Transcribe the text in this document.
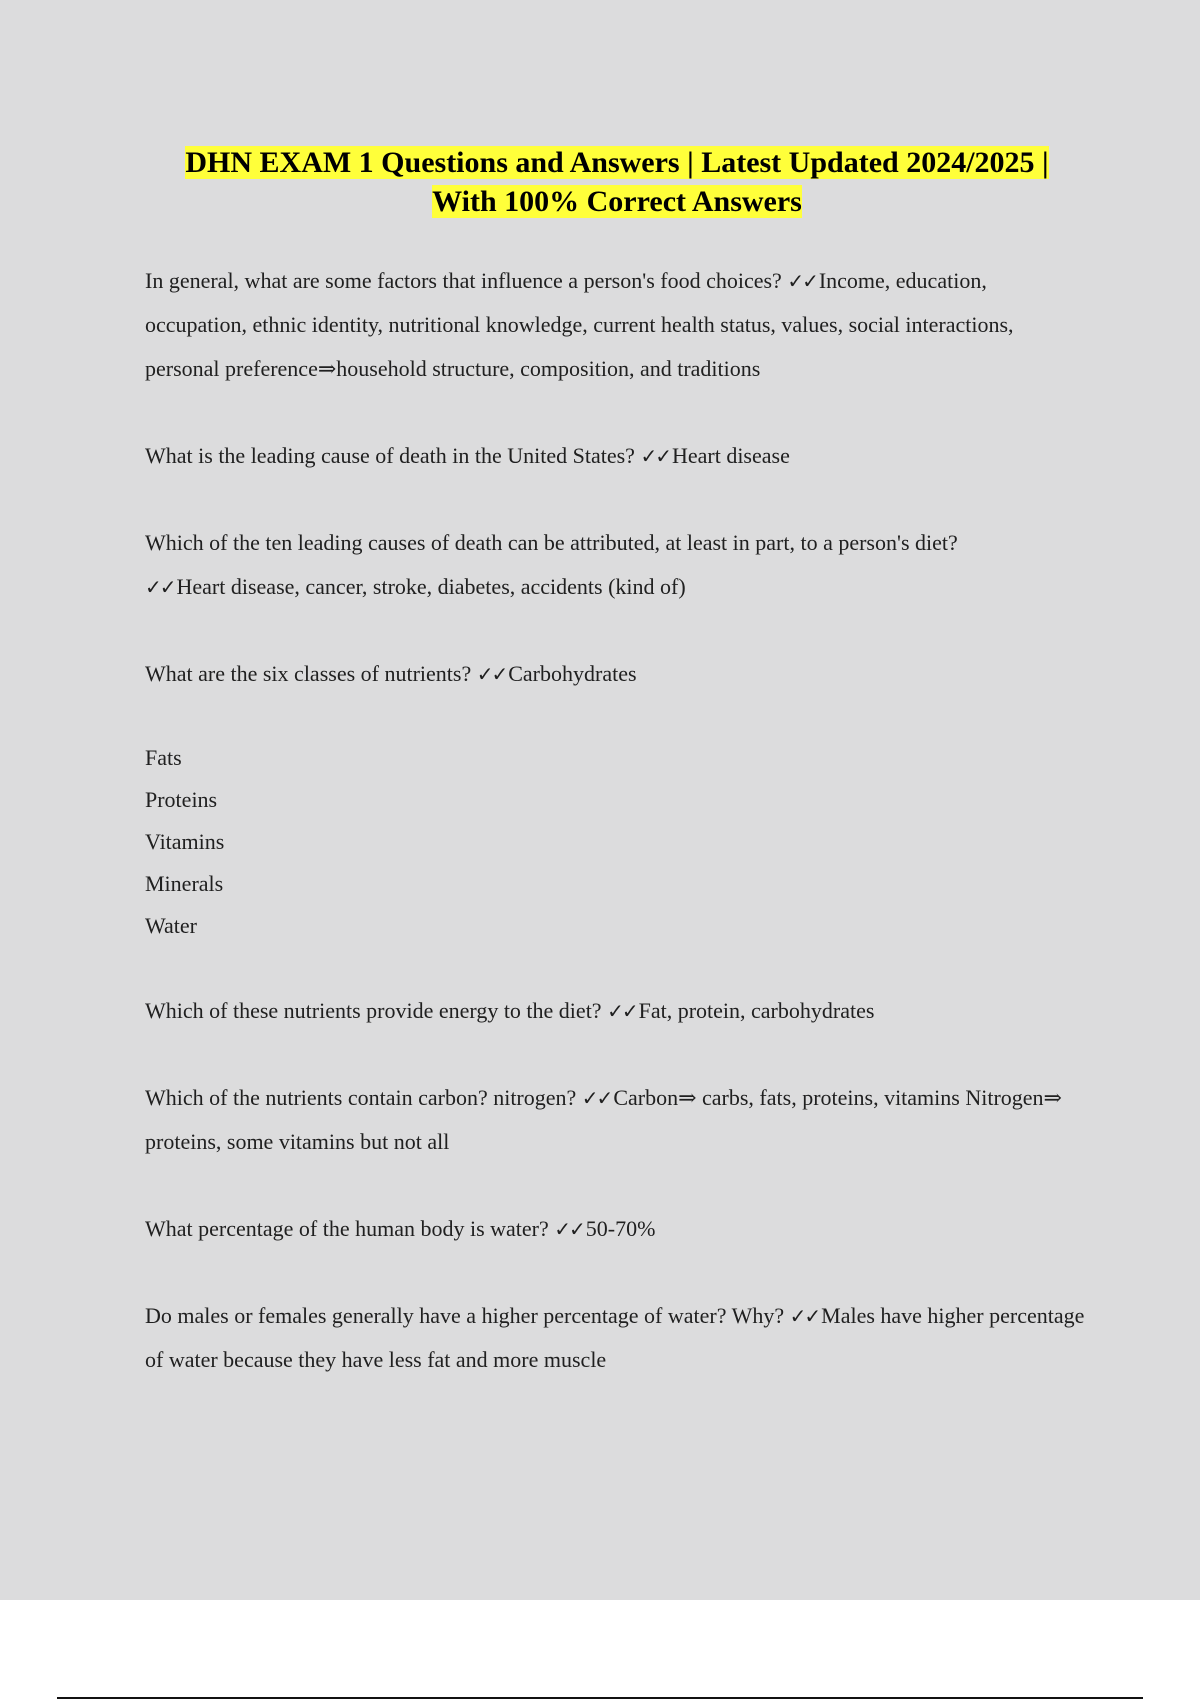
DHN EXAM 1 Questions and Answers | Latest Updated 2024/2025 |
With 100% Correct Answers
In general, what are some factors that influence a person's food choices? ✓✓Income, education, occupation, ethnic identity, nutritional knowledge, current health status, values, social interactions, personal preference⇒household structure, composition, and traditions
What is the leading cause of death in the United States? ✓✓Heart disease
Which of the ten leading causes of death can be attributed, at least in part, to a person's diet?
✓✓Heart disease, cancer, stroke, diabetes, accidents (kind of)
What are the six classes of nutrients? ✓✓Carbohydrates
Fats
Proteins
Vitamins
Minerals
Water
Which of these nutrients provide energy to the diet? ✓✓Fat, protein, carbohydrates
Which of the nutrients contain carbon? nitrogen? ✓✓Carbon⇒ carbs, fats, proteins, vitamins Nitrogen⇒ proteins, some vitamins but not all
What percentage of the human body is water? ✓✓50-70%
Do males or females generally have a higher percentage of water? Why? ✓✓Males have higher percentage of water because they have less fat and more muscle
